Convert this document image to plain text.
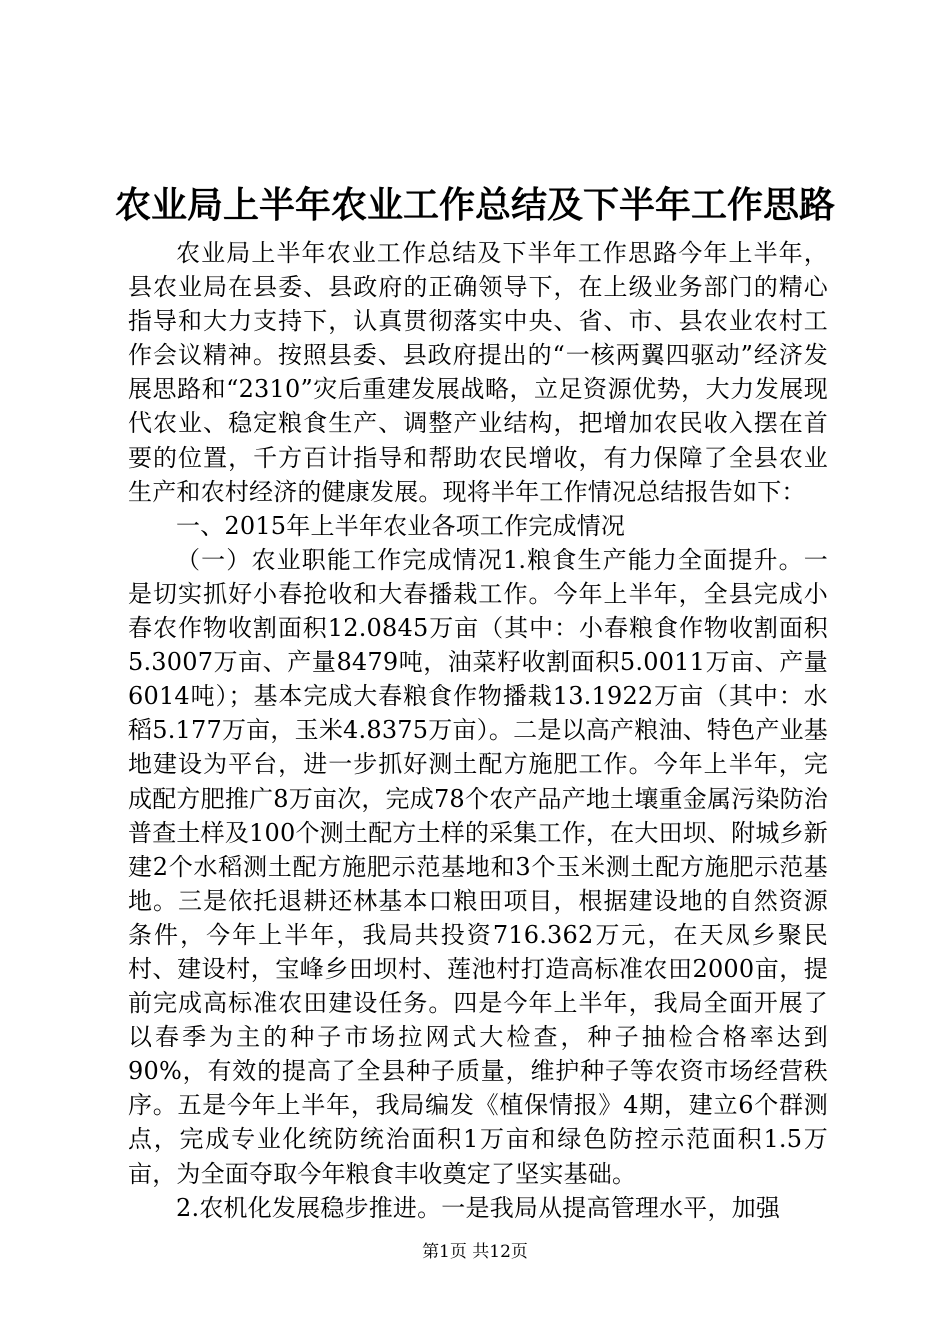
农业局上半年农业工作总结及下半年工作思路

农业局上半年农业工作总结及下半年工作思路今年上半年，县农业局在县委、县政府的正确领导下，在上级业务部门的精心指导和大力支持下，认真贯彻落实中央、省、市、县农业农村工作会议精神。按照县委、县政府提出的“一核两翼四驱动”经济发展思路和“2310”灾后重建发展战略，立足资源优势，大力发展现代农业、稳定粮食生产、调整产业结构，把增加农民收入摆在首要的位置，千方百计指导和帮助农民增收，有力保障了全县农业生产和农村经济的健康发展。现将半年工作情况总结报告如下：

一、2015年上半年农业各项工作完成情况

（一）农业职能工作完成情况1.粮食生产能力全面提升。一是切实抓好小春抢收和大春播栽工作。今年上半年，全县完成小春农作物收割面积12.0845万亩（其中：小春粮食作物收割面积5.3007万亩、产量8479吨，油菜籽收割面积5.0011万亩、产量6014吨）；基本完成大春粮食作物播栽13.1922万亩（其中：水稻5.177万亩，玉米4.8375万亩）。二是以高产粮油、特色产业基地建设为平台，进一步抓好测土配方施肥工作。今年上半年，完成配方肥推广8万亩次，完成78个农产品产地土壤重金属污染防治普查土样及100个测土配方土样的采集工作，在大田坝、附城乡新建2个水稻测土配方施肥示范基地和3个玉米测土配方施肥示范基地。三是依托退耕还林基本口粮田项目，根据建设地的自然资源条件，今年上半年，我局共投资716.362万元，在天凤乡聚民村、建设村，宝峰乡田坝村、莲池村打造高标准农田2000亩，提前完成高标准农田建设任务。四是今年上半年，我局全面开展了以春季为主的种子市场拉网式大检查，种子抽检合格率达到90%，有效的提高了全县种子质量，维护种子等农资市场经营秩序。五是今年上半年，我局编发《植保情报》4期，建立6个群测点，完成专业化统防统治面积1万亩和绿色防控示范面积1.5万亩，为全面夺取今年粮食丰收奠定了坚实基础。

2.农机化发展稳步推进。一是我局从提高管理水平，加强

第1页 共12页
